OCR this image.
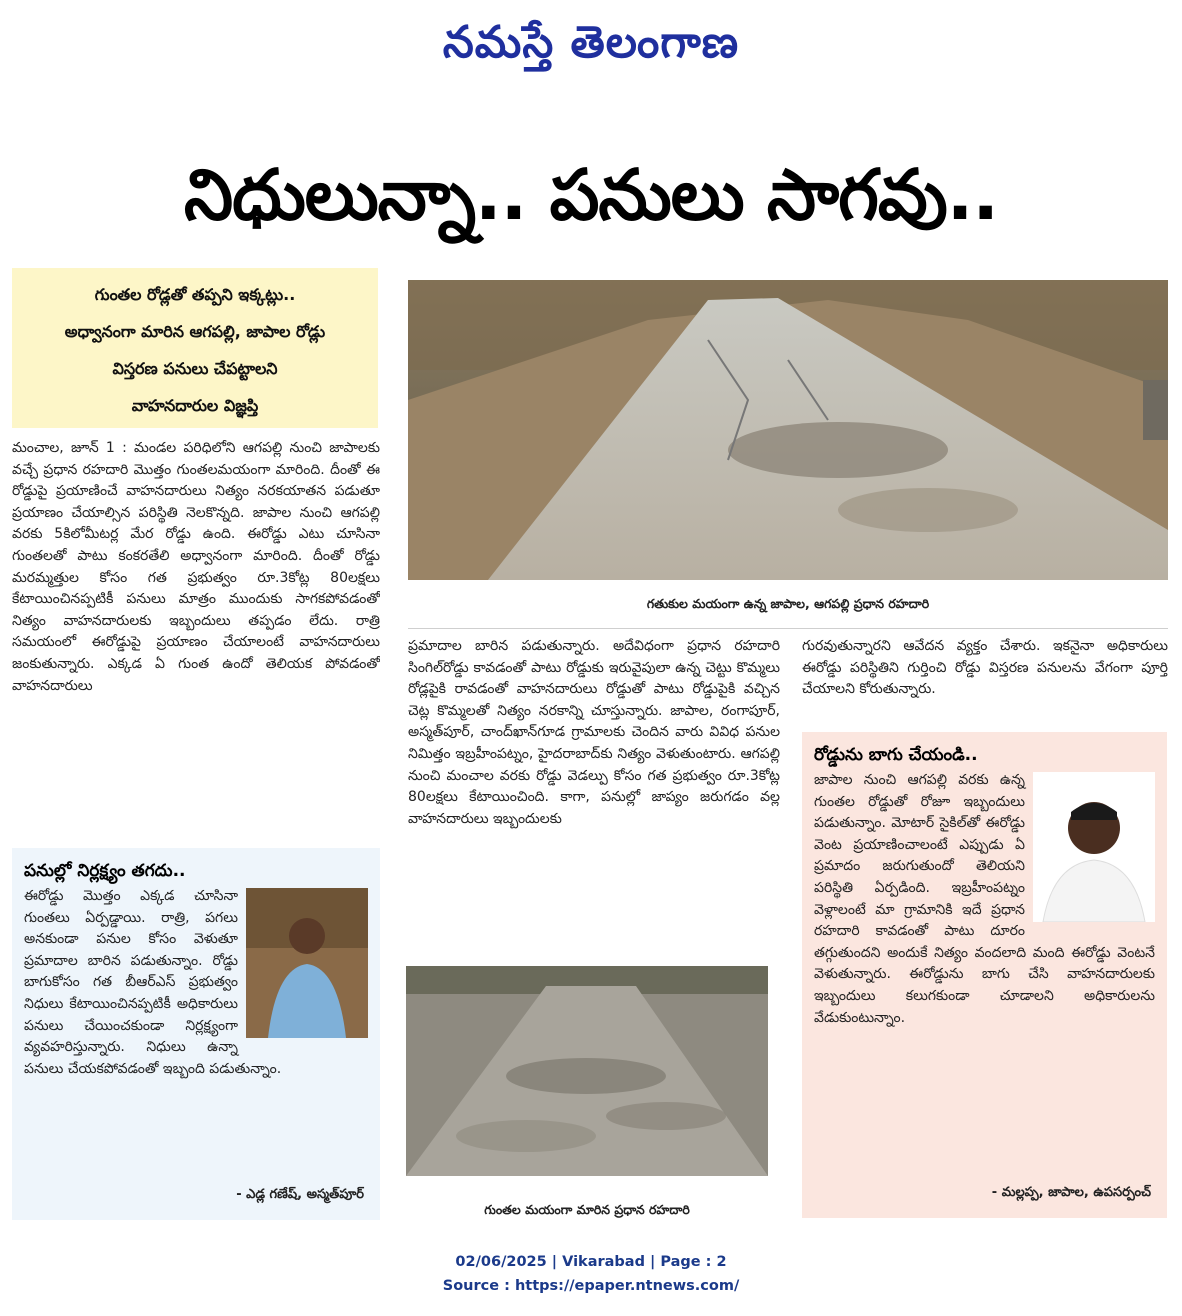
నమస్తే తెలంగాణ
నిధులున్నా.. పనులు సాగవు..
గుంతల రోడ్లతో తప్పని ఇక్కట్లు..
అధ్వానంగా మారిన ఆగపల్లి, జాపాల రోడ్లు
విస్తరణ పనులు చేపట్టాలని
వాహనదారుల విజ్ఞప్తి

మంచాల, జూన్ 1 : మండల పరిధిలోని ఆగపల్లి నుంచి జాపాలకు వచ్చే ప్రధాన రహదారి మొత్తం గుంతలమయంగా మారింది. దీంతో ఈ రోడ్డుపై ప్రయాణించే వాహనదారులు నిత్యం నరకయాతన పడుతూ ప్రయాణం చేయాల్సిన పరిస్థితి నెలకొన్నది. జాపాల నుంచి ఆగపల్లి వరకు 5కిలోమీటర్ల మేర రోడ్డు ఉంది. ఈరోడ్డు ఎటు చూసినా గుంతలతో పాటు కంకరతేలి అధ్వానంగా మారింది. దీంతో రోడ్డు మరమ్మత్తుల కోసం గత ప్రభుత్వం రూ.3కోట్ల 80లక్షలు కేటాయించినప్పటికీ పనులు మాత్రం ముందుకు సాగకపోవడంతో నిత్యం వాహనదారులకు ఇబ్బందులు తప్పడం లేదు. రాత్రి సమయంలో ఈరోడ్డుపై ప్రయాణం చేయాలంటే వాహనదారులు జంకుతున్నారు. ఎక్కడ ఏ గుంత ఉందో తెలియక పోవడంతో వాహనదారులు

గతుకుల మయంగా ఉన్న జాపాల, ఆగపల్లి ప్రధాన రహదారి

ప్రమాదాల బారిన పడుతున్నారు. అదేవిధంగా ప్రధాన రహదారి సింగిల్‌రోడ్డు కావడంతో పాటు రోడ్డుకు ఇరువైపులా ఉన్న చెట్టు కొమ్మలు రోడ్లపైకి రావడంతో వాహనదారులు రోడ్డుతో పాటు రోడ్డుపైకి వచ్చిన చెట్ల కొమ్మలతో నిత్యం నరకాన్ని చూస్తున్నారు. జాపాల, రంగాపూర్, అస్మత్‌పూర్, చాంద్‌ఖాన్‌గూడ గ్రామాలకు చెందిన వారు వివిధ పనుల నిమిత్తం ఇబ్రహీంపట్నం, హైదరాబాద్‌కు నిత్యం వెళుతుంటారు. ఆగపల్లి నుంచి మంచాల వరకు రోడ్డు వెడల్పు కోసం గత ప్రభుత్వం రూ.3కోట్ల 80లక్షలు కేటాయించింది. కాగా, పనుల్లో జాప్యం జరుగడం వల్ల వాహనదారులు ఇబ్బందులకు

గురవుతున్నారని ఆవేదన వ్యక్తం చేశారు. ఇకనైనా అధికారులు ఈరోడ్డు పరిస్థితిని గుర్తించి రోడ్డు విస్తరణ పనులను వేగంగా పూర్తి చేయాలని కోరుతున్నారు.

గుంతల మయంగా మారిన ప్రధాన రహదారి
పనుల్లో నిర్లక్ష్యం తగదు..

ఈరోడ్డు మొత్తం ఎక్కడ చూసినా గుంతలు ఏర్పడ్డాయి. రాత్రి, పగలు అనకుండా పనుల కోసం వెళుతూ ప్రమాదాల బారిన పడుతున్నాం. రోడ్డు బాగుకోసం గత బీఆర్‌ఎస్ ప్రభుత్వం నిధులు కేటాయించినప్పటికీ అధికారులు పనులు చేయించకుండా నిర్లక్ష్యంగా వ్యవహరిస్తున్నారు. నిధులు ఉన్నా పనులు చేయకపోవడంతో ఇబ్బంది పడుతున్నాం.

- ఎడ్ల గణేష్, అస్మత్‌పూర్
రోడ్డును బాగు చేయండి..

జాపాల నుంచి ఆగపల్లి వరకు ఉన్న గుంతల రోడ్డుతో రోజూ ఇబ్బందులు పడుతున్నాం. మోటార్ సైకిల్‌తో ఈరోడ్డు వెంట ప్రయాణించాలంటే ఎప్పుడు ఏ ప్రమాదం జరుగుతుందో తెలియని పరిస్థితి ఏర్పడింది. ఇబ్రహీంపట్నం వెళ్లాలంటే మా గ్రామానికి ఇదే ప్రధాన రహదారి కావడంతో పాటు దూరం తగ్గుతుందని అందుకే నిత్యం వందలాది మంది ఈరోడ్డు వెంటనే వెళుతున్నారు. ఈరోడ్డును బాగు చేసి వాహనదారులకు ఇబ్బందులు కలుగకుండా చూడాలని అధికారులను వేడుకుంటున్నాం.

- మల్లప్ప, జాపాల, ఉపసర్పంచ్
02/06/2025 | Vikarabad | Page : 2
Source : https://epaper.ntnews.com/
